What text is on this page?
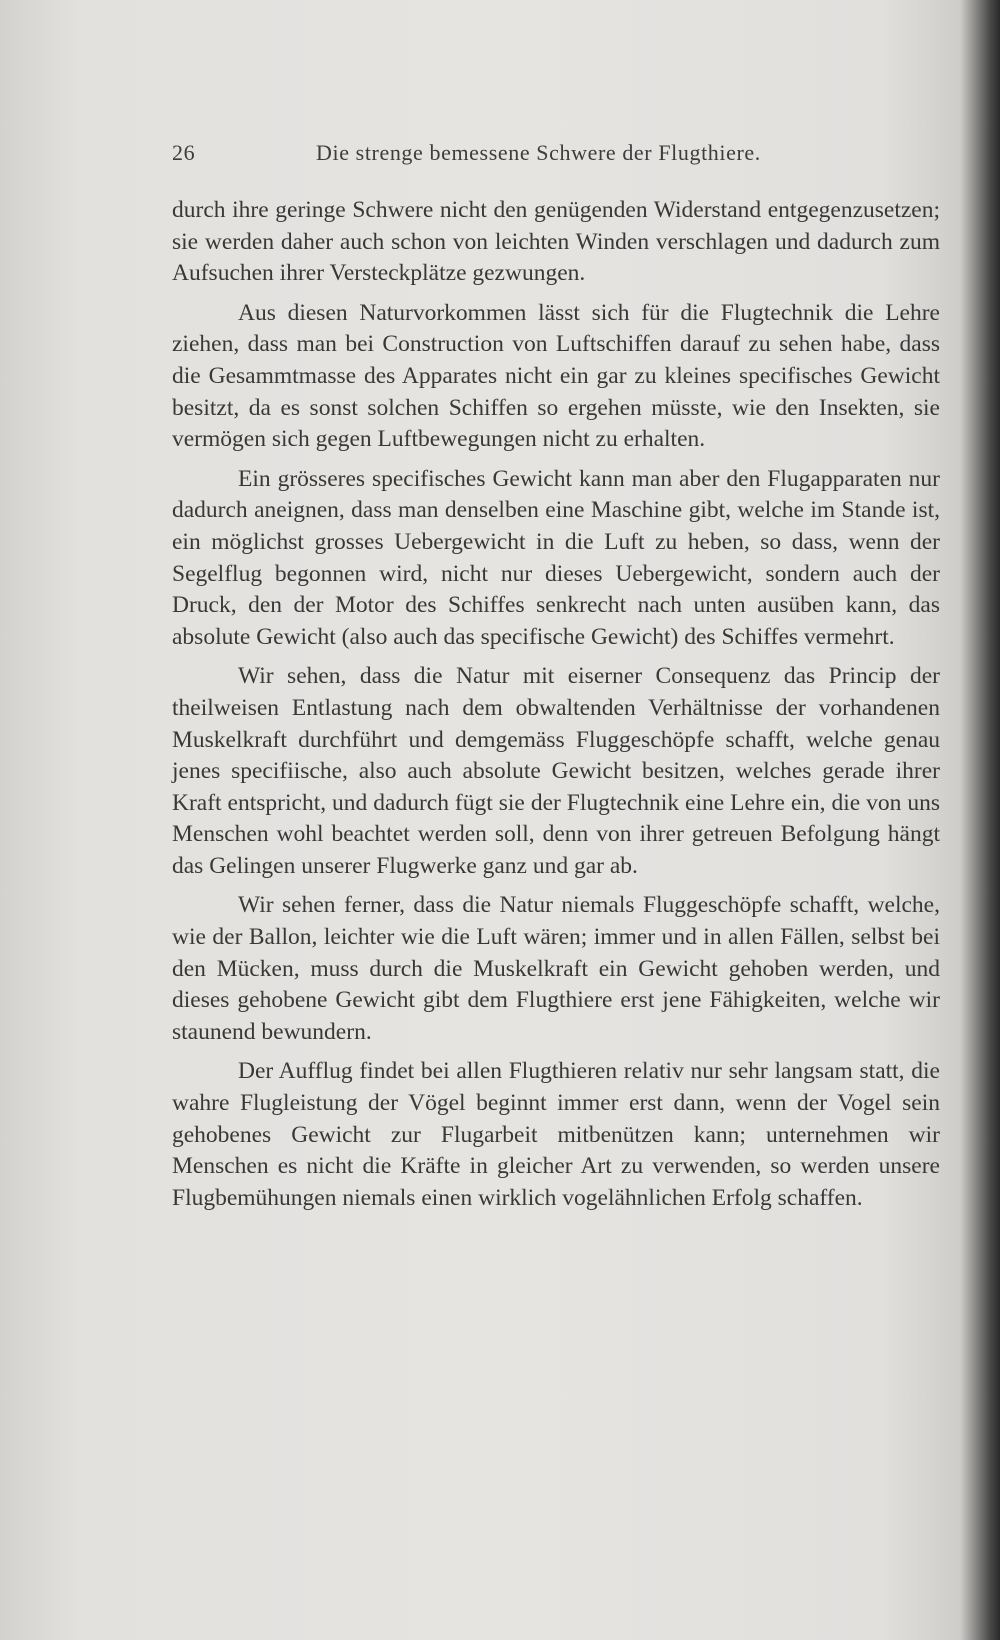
26	Die strenge bemessene Schwere der Flugthiere.

durch ihre geringe Schwere nicht den genügenden Widerstand entgegenzusetzen; sie werden daher auch schon von leichten Winden verschlagen und dadurch zum Aufsuchen ihrer Versteckplätze gezwungen.

Aus diesen Naturvorkommen lässt sich für die Flugtechnik die Lehre ziehen, dass man bei Construction von Luftschiffen darauf zu sehen habe, dass die Gesammtmasse des Apparates nicht ein gar zu kleines specifisches Gewicht besitzt, da es sonst solchen Schiffen so ergehen müsste, wie den Insekten, sie vermögen sich gegen Luftbewegungen nicht zu erhalten.

Ein grösseres specifisches Gewicht kann man aber den Flugapparaten nur dadurch aneignen, dass man denselben eine Maschine gibt, welche im Stande ist, ein möglichst grosses Uebergewicht in die Luft zu heben, so dass, wenn der Segelflug begonnen wird, nicht nur dieses Uebergewicht, sondern auch der Druck, den der Motor des Schiffes senkrecht nach unten ausüben kann, das absolute Gewicht (also auch das specifische Gewicht) des Schiffes vermehrt.

Wir sehen, dass die Natur mit eiserner Consequenz das Princip der theilweisen Entlastung nach dem obwaltenden Verhältnisse der vorhandenen Muskelkraft durchführt und demgemäss Fluggeschöpfe schafft, welche genau jenes specifiische, also auch absolute Gewicht besitzen, welches gerade ihrer Kraft entspricht, und dadurch fügt sie der Flugtechnik eine Lehre ein, die von uns Menschen wohl beachtet werden soll, denn von ihrer getreuen Befolgung hängt das Gelingen unserer Flugwerke ganz und gar ab.

Wir sehen ferner, dass die Natur niemals Fluggeschöpfe schafft, welche, wie der Ballon, leichter wie die Luft wären; immer und in allen Fällen, selbst bei den Mücken, muss durch die Muskelkraft ein Gewicht gehoben werden, und dieses gehobene Gewicht gibt dem Flugthiere erst jene Fähigkeiten, welche wir staunend bewundern.

Der Aufflug findet bei allen Flugthieren relativ nur sehr langsam statt, die wahre Flugleistung der Vögel beginnt immer erst dann, wenn der Vogel sein gehobenes Gewicht zur Flugarbeit mitbenützen kann; unternehmen wir Menschen es nicht die Kräfte in gleicher Art zu verwenden, so werden unsere Flugbemühungen niemals einen wirklich vogelähnlichen Erfolg schaffen.
